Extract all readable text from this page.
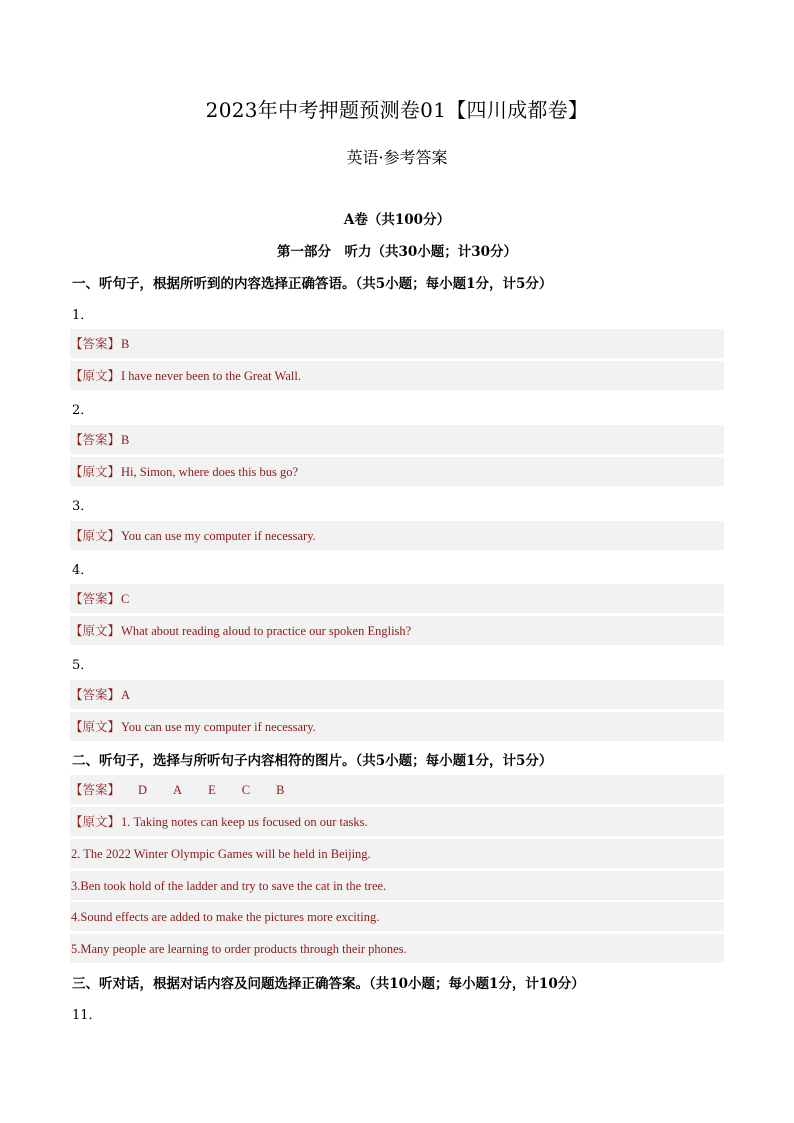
2023年中考押题预测卷01【四川成都卷】
英语·参考答案
A卷（共100分）
第一部分　听力（共30小题；计30分）
一、听句子，根据所听到的内容选择正确答语。（共5小题；每小题1分，计5分）
1．
【答案】B
【原文】I have never been to the Great Wall.
2．
【答案】B
【原文】Hi, Simon, where does this bus go?
3．
【原文】You can use my computer if necessary.
4．
【答案】C
【原文】What about reading aloud to practice our spoken English?
5．
【答案】A
【原文】You can use my computer if necessary.
二、听句子，选择与所听句子内容相符的图片。（共5小题；每小题1分，计5分）
【答案】 D A E C B
【原文】1. Taking notes can keep us focused on our tasks.
2. The 2022 Winter Olympic Games will be held in Beijing.
3.Ben took hold of the ladder and try to save the cat in the tree.
4.Sound effects are added to make the pictures more exciting.
5.Many people are learning to order products through their phones.
三、听对话，根据对话内容及问题选择正确答案。（共10小题；每小题1分，计10分）
11．
